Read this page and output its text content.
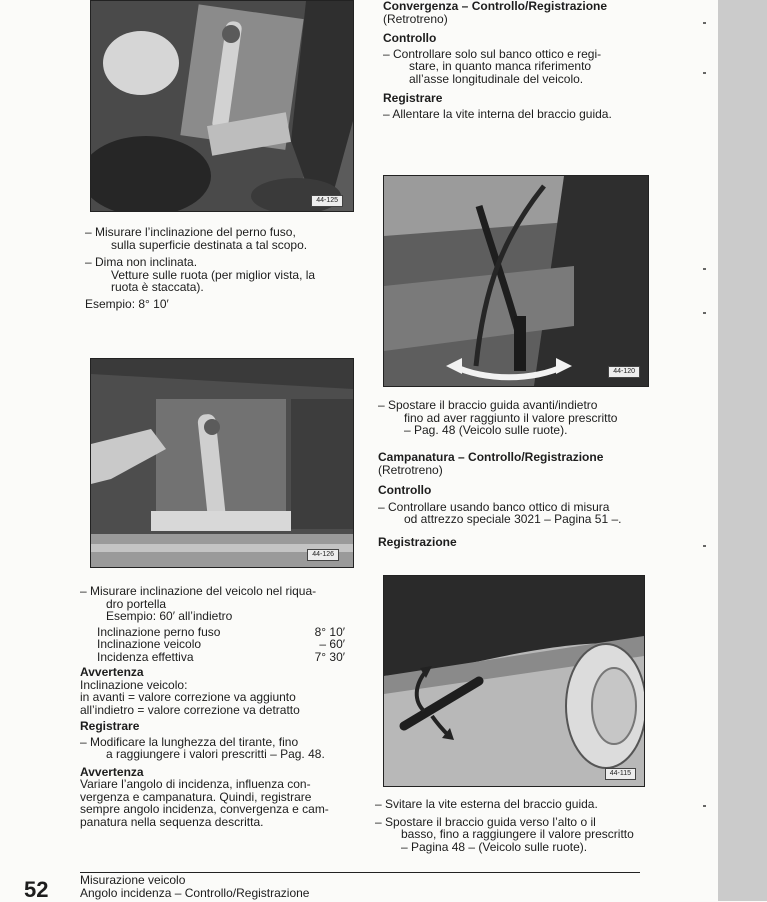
44-125
44-126
44-120
44-115

– Misurare l’inclinazione del perno fuso,
sulla superficie destinata a tal scopo.

– Dima non inclinata.
Vetture sulle ruota (per miglior vista, la
ruota è staccata).

Esempio: 8° 10′

– Misurare inclinazione del veicolo nel riqua-
dro portella
Esempio: 60′ all’indietro

Inclinazione perno fuso	8° 10′
Inclinazione veicolo	– 60′
Incidenza effettiva	7° 30′

Avvertenza

Inclinazione veicolo:
in avanti = valore correzione va aggiunto
all’indietro = valore correzione va detratto

Registrare

– Modificare la lunghezza del tirante, fino
a raggiungere i valori prescritti – Pag. 48.

Avvertenza

Variare l’angolo di incidenza, influenza con-
vergenza e campanatura. Quindi, registrare
sempre angolo incidenza, convergenza e cam-
panatura nella sequenza descritta.

Convergenza – Controllo/Registrazione

(Retrotreno)

Controllo

– Controllare solo sul banco ottico e regi-
stare, in quanto manca riferimento
all’asse longitudinale del veicolo.

Registrare

– Allentare la vite interna del braccio guida.

– Spostare il braccio guida avanti/indietro
fino ad aver raggiunto il valore prescritto
– Pag. 48 (Veicolo sulle ruote).

Campanatura – Controllo/Registrazione

(Retrotreno)

Controllo

– Controllare usando banco ottico di misura
od attrezzo speciale 3021 – Pagina 51 –.

Registrazione

– Svitare la vite esterna del braccio guida.

– Spostare il braccio guida verso l’alto o il
basso, fino a raggiungere il valore prescritto
– Pagina 48 – (Veicolo sulle ruote).

52	Misurazione veicolo

Angolo incidenza – Controllo/Registrazione
